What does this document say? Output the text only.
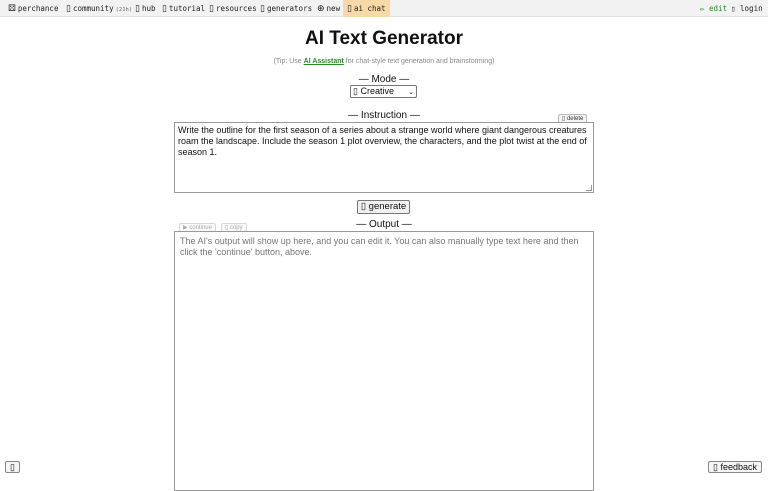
⚄ perchance ▯ community (21h) ▯ hub ▯ tutorial ▯ resources ▯ generators ⊕ new ▯ ai chat	✏ edit ▯ login
AI Text Generator
(Tip: Use AI Assistant for chat-style text generation and brainstorming)
— Mode —
▯ Creative ⌄
— Instruction —	▯ delete
Write the outline for the first season of a series about a strange world where giant dangerous creatures roam the landscape. Include the season 1 plot overview, the characters, and the plot twist at the end of season 1.
▯ generate
▶ continue	▯ copy	— Output —
The AI's output will show up here, and you can edit it. You can also manually type text here and then click the 'continue' button, above.
▯	▯ feedback
